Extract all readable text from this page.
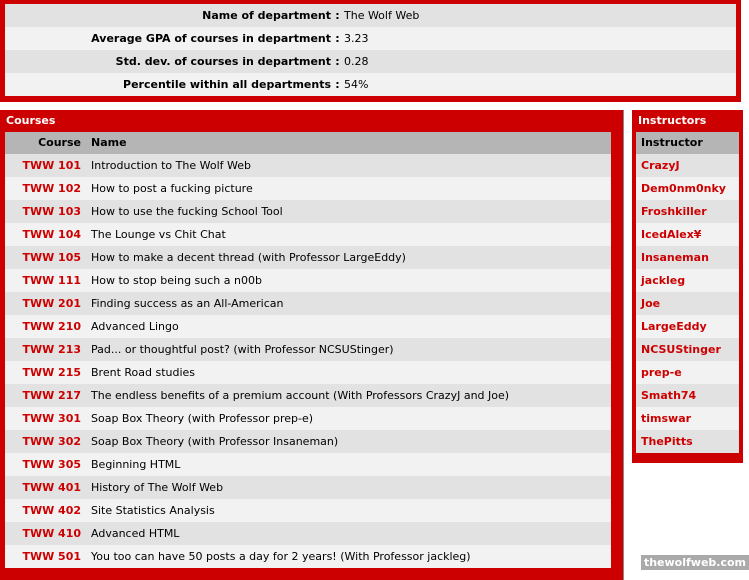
Name of department : The Wolf Web
Average GPA of courses in department : 3.23
Std. dev. of courses in department : 0.28
Percentile within all departments : 54%
Courses
Course Name
TWW 101 Introduction to The Wolf Web
TWW 102 How to post a fucking picture
TWW 103 How to use the fucking School Tool
TWW 104 The Lounge vs Chit Chat
TWW 105 How to make a decent thread (with Professor LargeEddy)
TWW 111 How to stop being such a n00b
TWW 201 Finding success as an All-American
TWW 210 Advanced Lingo
TWW 213 Pad... or thoughtful post? (with Professor NCSUStinger)
TWW 215 Brent Road studies
TWW 217 The endless benefits of a premium account (With Professors CrazyJ and Joe)
TWW 301 Soap Box Theory (with Professor prep-e)
TWW 302 Soap Box Theory (with Professor Insaneman)
TWW 305 Beginning HTML
TWW 401 History of The Wolf Web
TWW 402 Site Statistics Analysis
TWW 410 Advanced HTML
TWW 501 You too can have 50 posts a day for 2 years! (With Professor jackleg)
Instructors
Instructor
CrazyJ
Dem0nm0nky
Froshkiller
IcedAlex¥
Insaneman
jackleg
Joe
LargeEddy
NCSUStinger
prep-e
Smath74
timswar
ThePitts
thewolfweb.com
